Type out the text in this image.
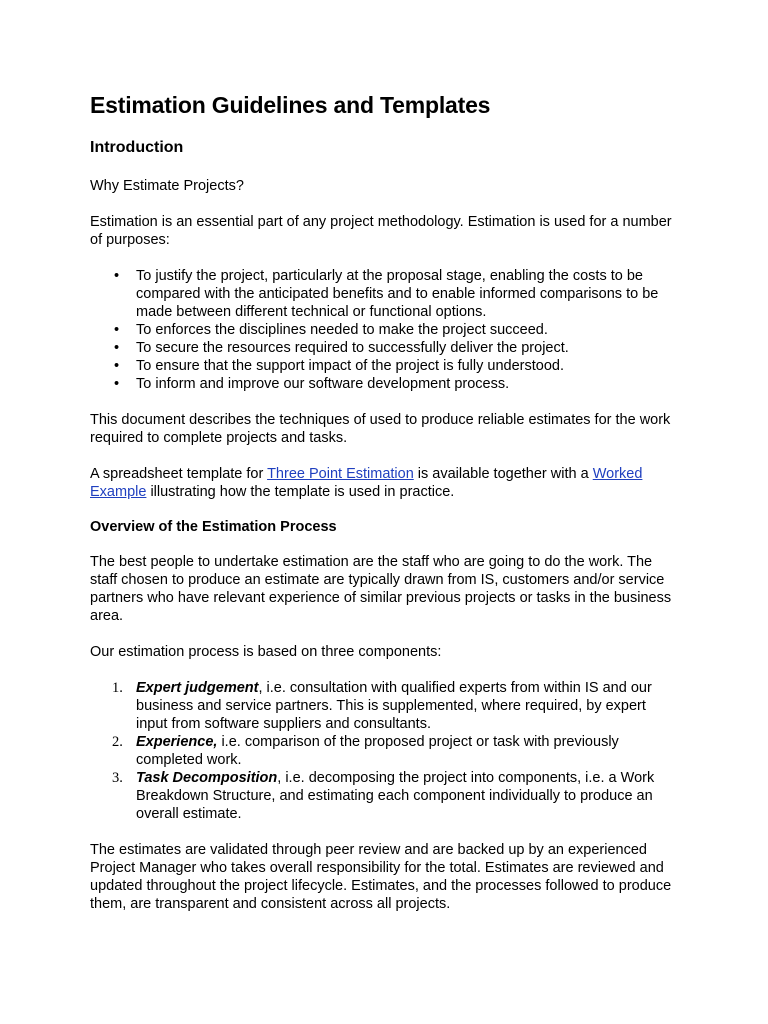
Estimation Guidelines and Templates
Introduction

Why Estimate Projects?

Estimation is an essential part of any project methodology. Estimation is used for a number of purposes:

• To justify the project, particularly at the proposal stage, enabling the costs to be compared with the anticipated benefits and to enable informed comparisons to be made between different technical or functional options.
• To enforces the disciplines needed to make the project succeed.
• To secure the resources required to successfully deliver the project.
• To ensure that the support impact of the project is fully understood.
• To inform and improve our software development process.

This document describes the techniques of used to produce reliable estimates for the work required to complete projects and tasks.

A spreadsheet template for Three Point Estimation is available together with a Worked Example illustrating how the template is used in practice.

Overview of the Estimation Process

The best people to undertake estimation are the staff who are going to do the work. The staff chosen to produce an estimate are typically drawn from IS, customers and/or service partners who have relevant experience of similar previous projects or tasks in the business area.

Our estimation process is based on three components:

1. Expert judgement, i.e. consultation with qualified experts from within IS and our business and service partners. This is supplemented, where required, by expert input from software suppliers and consultants.
2. Experience, i.e. comparison of the proposed project or task with previously completed work.
3. Task Decomposition, i.e. decomposing the project into components, i.e. a Work Breakdown Structure, and estimating each component individually to produce an overall estimate.

The estimates are validated through peer review and are backed up by an experienced Project Manager who takes overall responsibility for the total. Estimates are reviewed and updated throughout the project lifecycle. Estimates, and the processes followed to produce them, are transparent and consistent across all projects.
